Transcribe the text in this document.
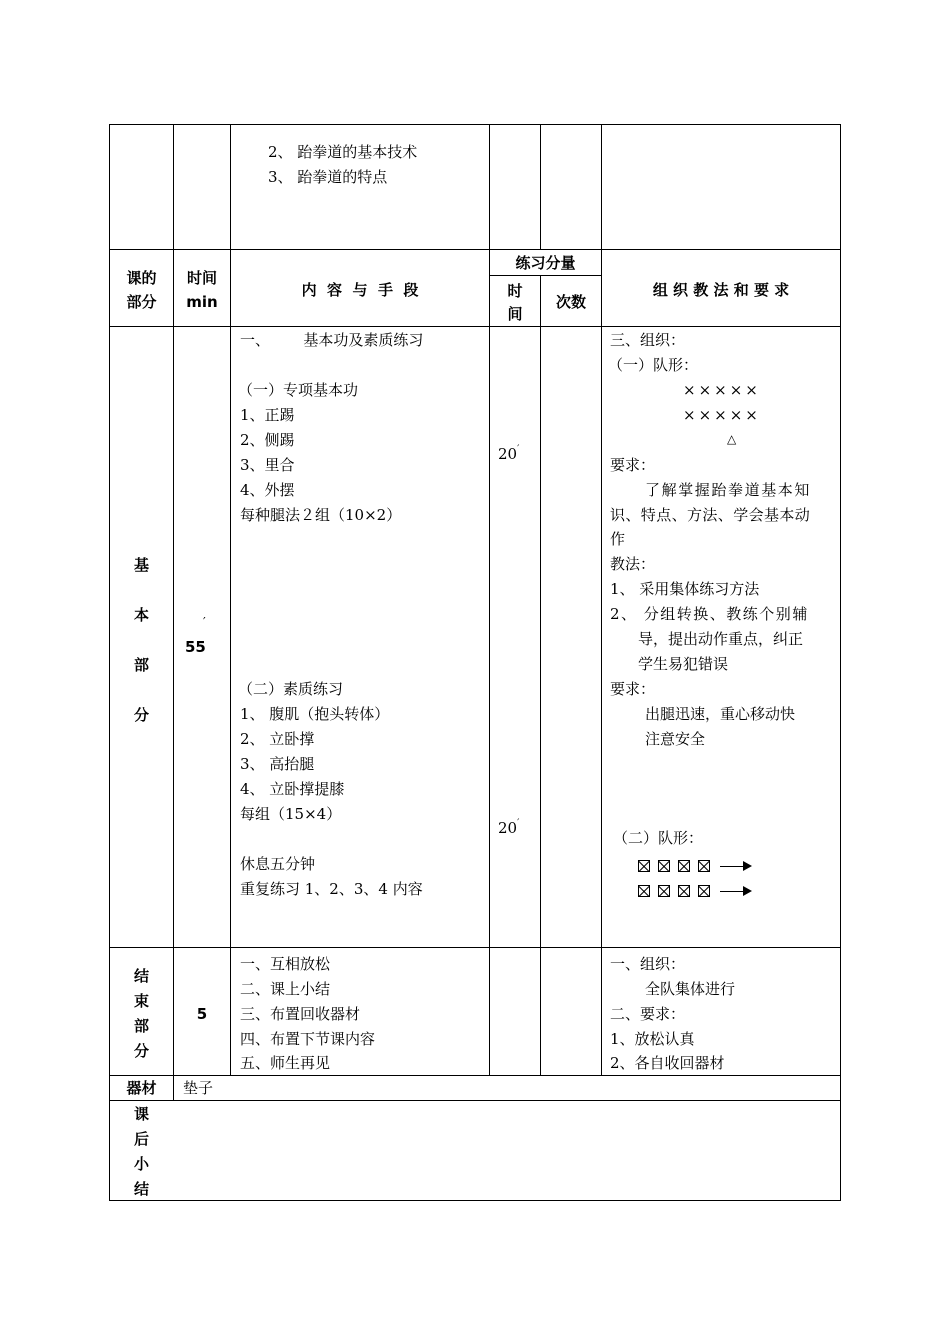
2、 跆拳道的基本技术
3、 跆拳道的特点
课的
部分
时间
min
内  容  与  手  段
练习分量
时
间
次数
组 织 教 法 和 要 求
基
本
部
分
′
55
一、       基本功及素质练习
（一）专项基本功
1、正踢
2、侧踢
3、里合
4、外摆
每种腿法２组（10×2）
（二）素质练习
1、 腹肌（抱头转体）
2、 立卧撑
3、 高抬腿
4、 立卧撑提膝
每组（15×4）
休息五分钟
重复练习 1、2、3、4 内容
20′
20′
三、组织：
（一）队形：
×××××
×××××
△
要求：
了解掌握跆拳道基本知
识、特点、方法、学会基本动
作
教法：
1、 采用集体练习方法
2、 分组转换、教练个别辅
导，提出动作重点，纠正
学生易犯错误
要求：
出腿迅速，重心移动快
注意安全
（二）队形：
结
束
部
分
5
一、互相放松
二、课上小结
三、布置回收器材
四、布置下节课内容
五、师生再见
一、组织：
全队集体进行
二、要求：
1、放松认真
2、各自收回器材
器材	垫子
课
后
小
结
